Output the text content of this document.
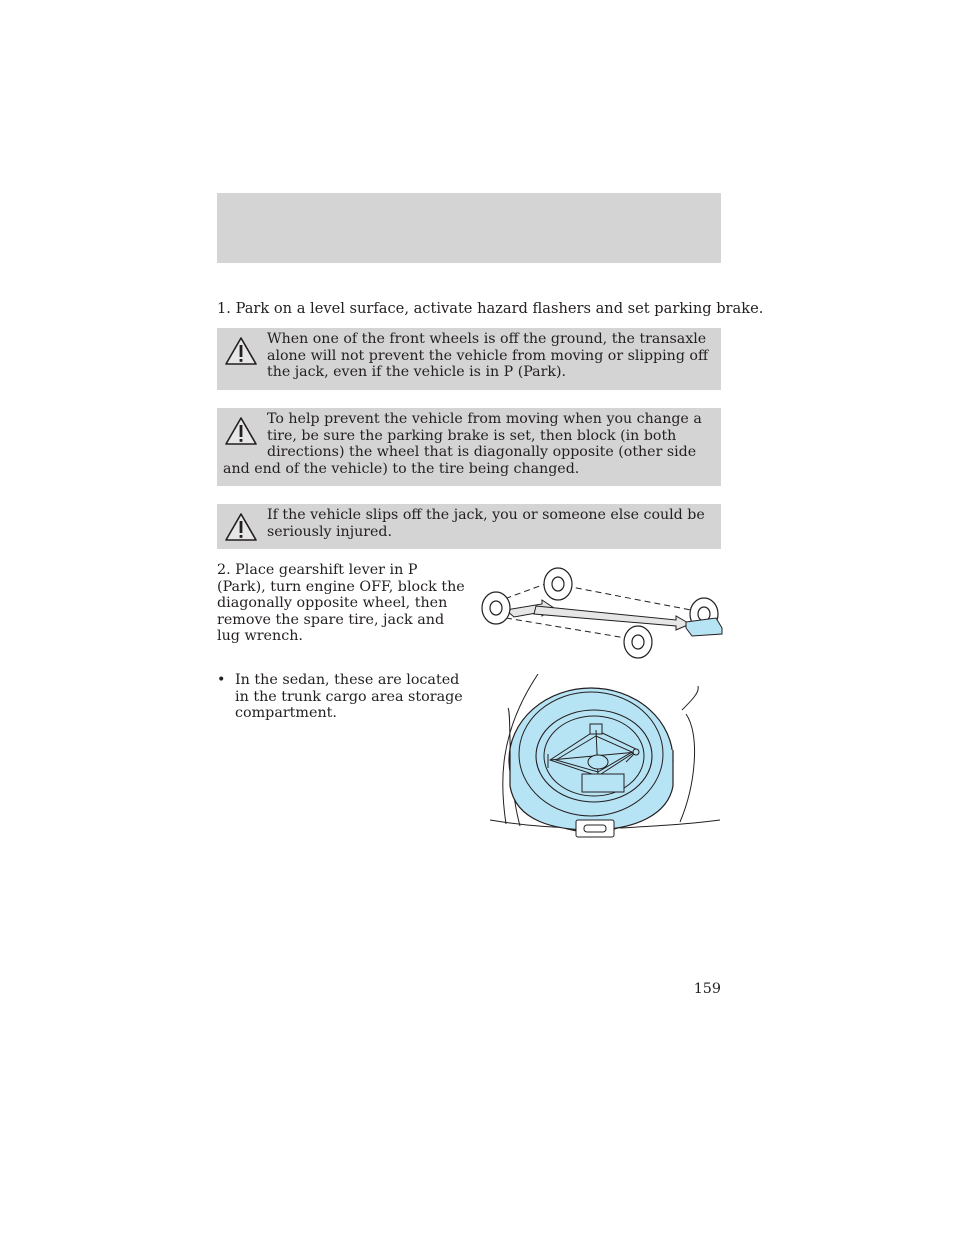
1. Park on a level surface, activate hazard flashers and set parking brake.

When one of the front wheels is off the ground, the transaxle alone will not prevent the vehicle from moving or slipping off the jack, even if the vehicle is in P (Park).

To help prevent the vehicle from moving when you change a tire, be sure the parking brake is set, then block (in both directions) the wheel that is diagonally opposite (other side and end of the vehicle) to the tire being changed.

If the vehicle slips off the jack, you or someone else could be seriously injured.

2. Place gearshift lever in P (Park), turn engine OFF, block the diagonally opposite wheel, then remove the spare tire, jack and lug wrench.

• In the sedan, these are located in the trunk cargo area storage compartment.

159
